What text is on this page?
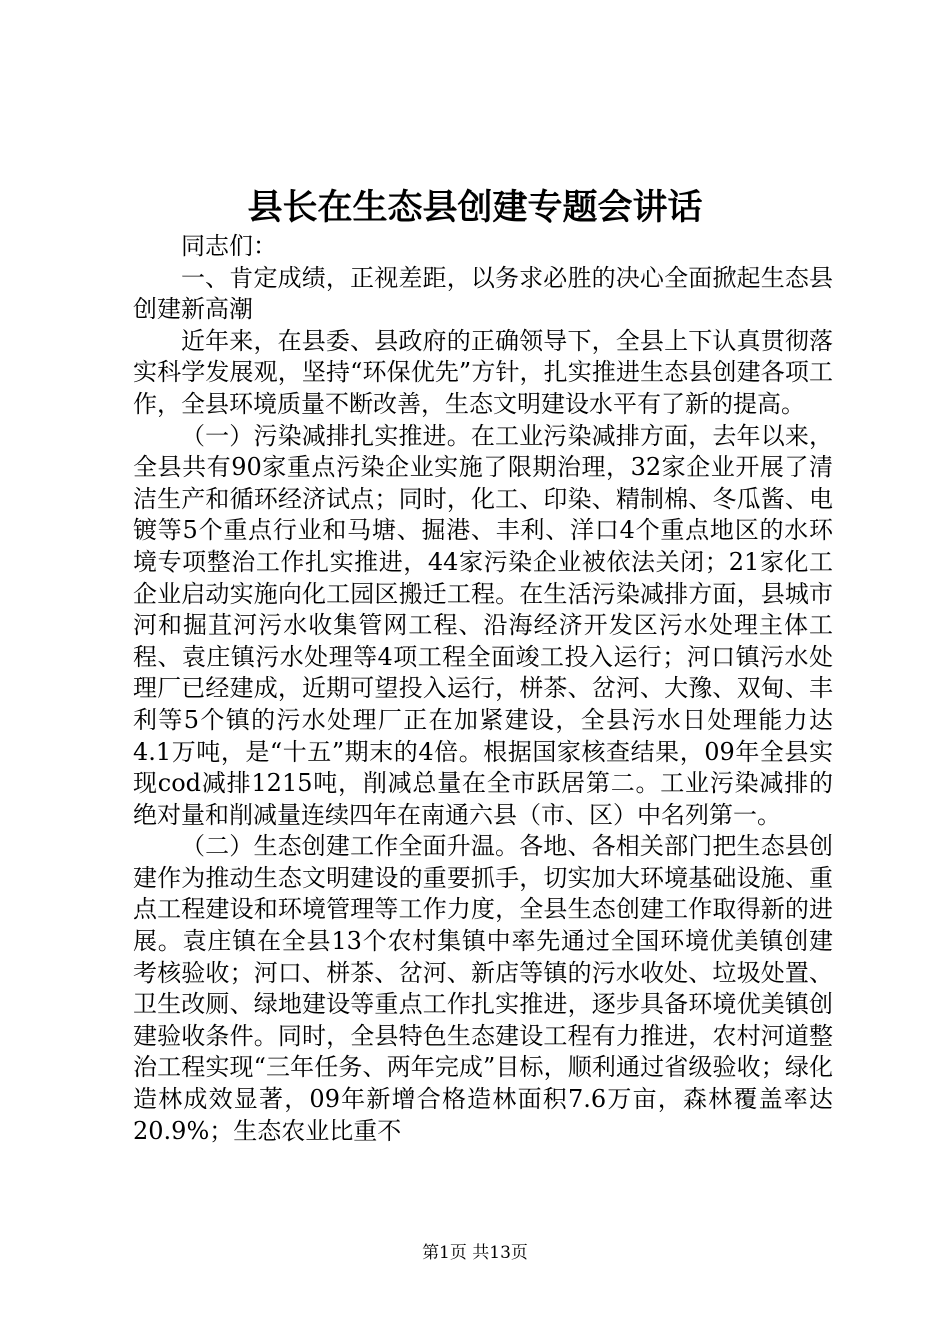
县长在生态县创建专题会讲话

同志们：

一、肯定成绩，正视差距，以务求必胜的决心全面掀起生态县创建新高潮

近年来，在县委、县政府的正确领导下，全县上下认真贯彻落实科学发展观，坚持“环保优先”方针，扎实推进生态县创建各项工作，全县环境质量不断改善，生态文明建设水平有了新的提高。

（一）污染减排扎实推进。在工业污染减排方面，去年以来，全县共有90家重点污染企业实施了限期治理，32家企业开展了清洁生产和循环经济试点；同时，化工、印染、精制棉、冬瓜酱、电镀等5个重点行业和马塘、掘港、丰利、洋口4个重点地区的水环境专项整治工作扎实推进，44家污染企业被依法关闭；21家化工企业启动实施向化工园区搬迁工程。在生活污染减排方面，县城市河和掘苴河污水收集管网工程、沿海经济开发区污水处理主体工程、袁庄镇污水处理等4项工程全面竣工投入运行；河口镇污水处理厂已经建成，近期可望投入运行，栟茶、岔河、大豫、双甸、丰利等5个镇的污水处理厂正在加紧建设，全县污水日处理能力达4.1万吨，是“十五”期末的4倍。根据国家核查结果，09年全县实现cod减排1215吨，削减总量在全市跃居第二。工业污染减排的绝对量和削减量连续四年在南通六县（市、区）中名列第一。

（二）生态创建工作全面升温。各地、各相关部门把生态县创建作为推动生态文明建设的重要抓手，切实加大环境基础设施、重点工程建设和环境管理等工作力度，全县生态创建工作取得新的进展。袁庄镇在全县13个农村集镇中率先通过全国环境优美镇创建考核验收；河口、栟茶、岔河、新店等镇的污水收处、垃圾处置、卫生改厕、绿地建设等重点工作扎实推进，逐步具备环境优美镇创建验收条件。同时，全县特色生态建设工程有力推进，农村河道整治工程实现“三年任务、两年完成”目标，顺利通过省级验收；绿化造林成效显著，09年新增合格造林面积7.6万亩，森林覆盖率达20.9%；生态农业比重不

第1页 共13页
